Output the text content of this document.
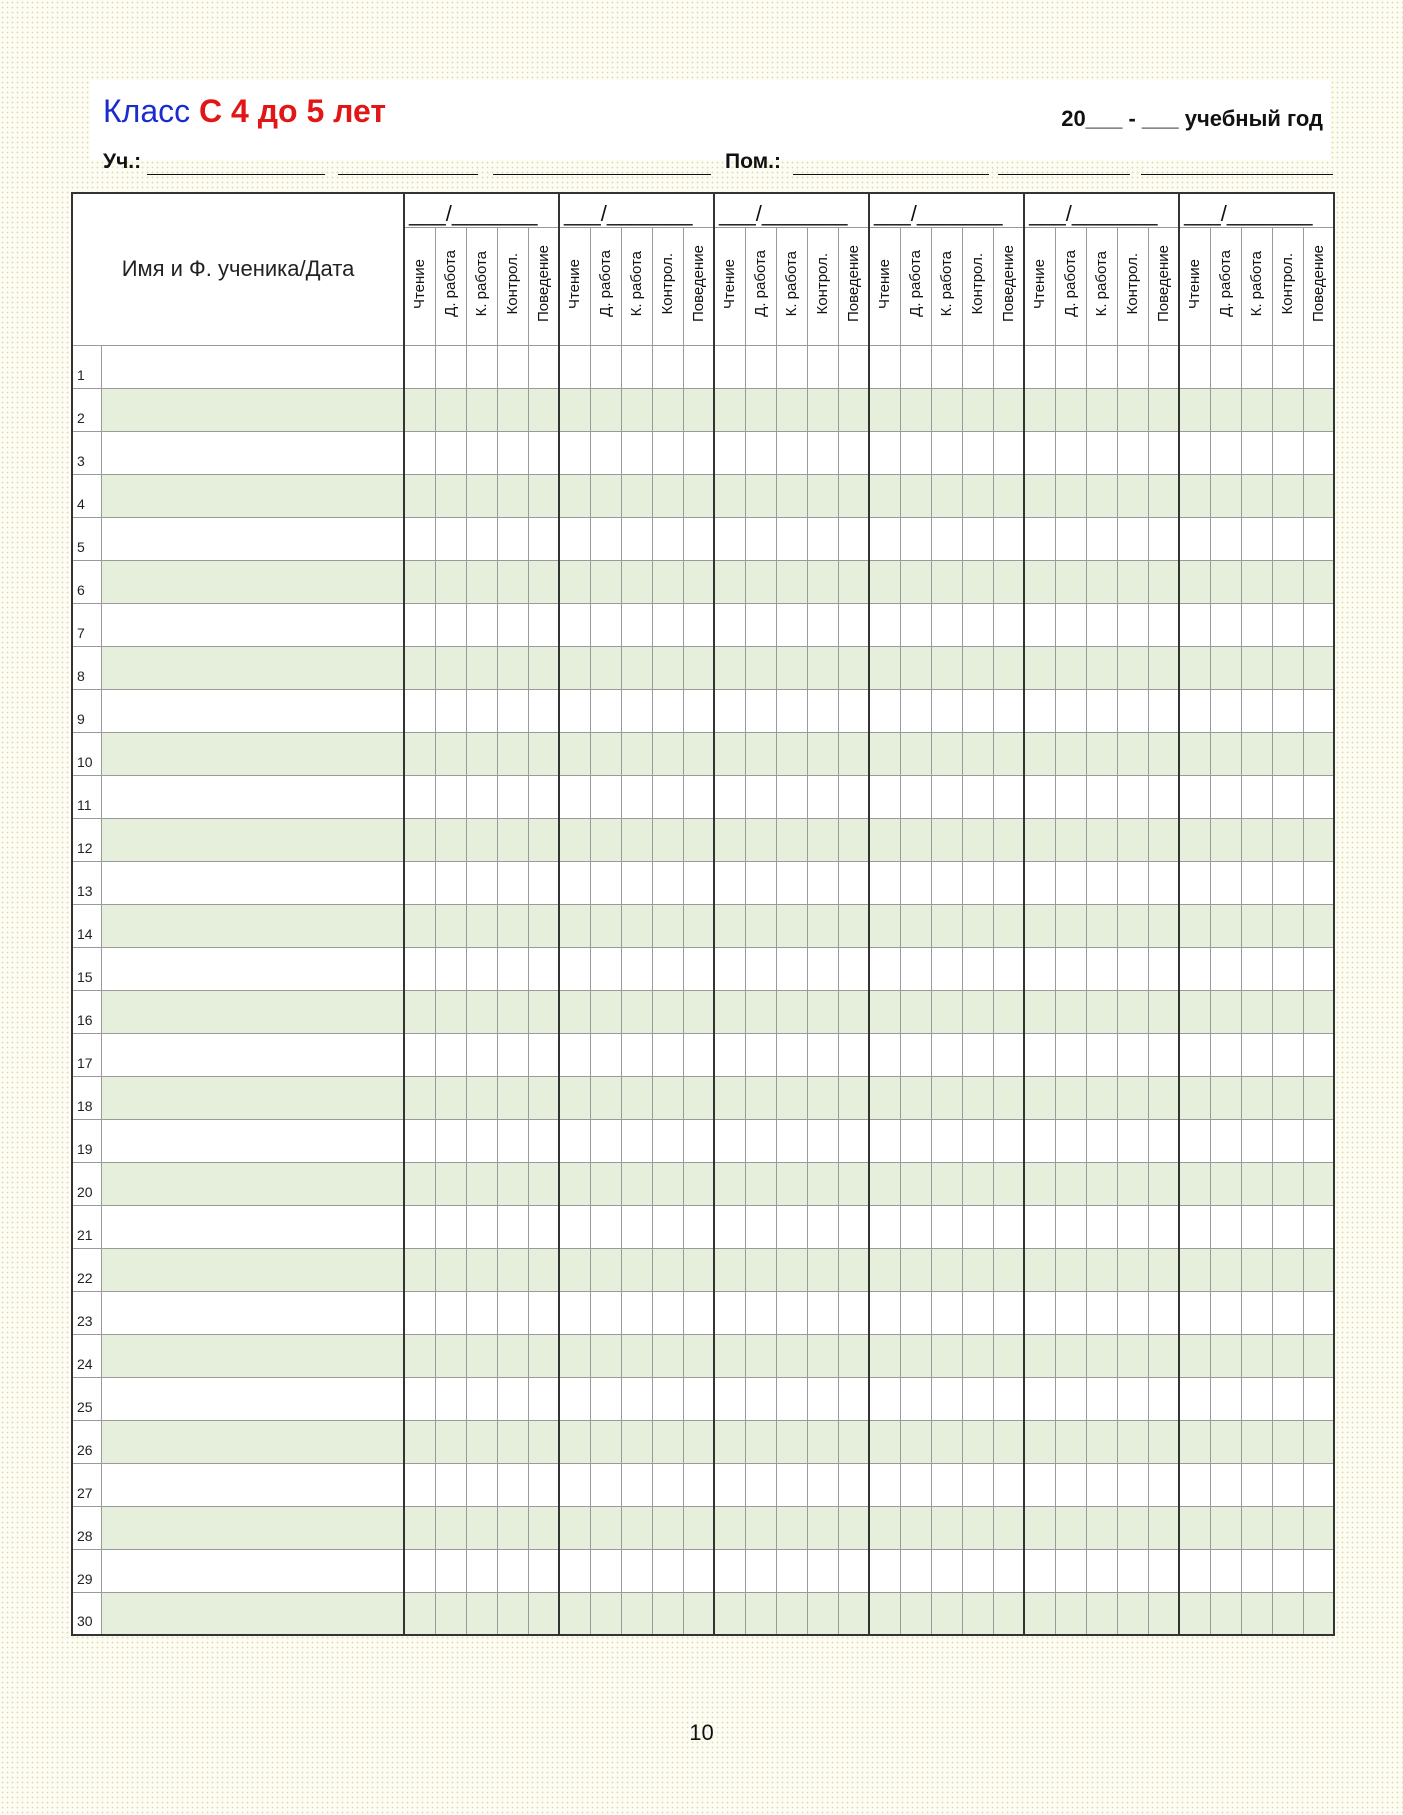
Класс С 4 до 5 лет	20___ - ___ учебный год
Уч.:	Пом.:
Имя и Ф. ученика/Дата		___/_______					___/_______					___/_______					___/_______					___/_______					___/_______				
		Чтение	Д. работа	К. работа	Контрол.	Поведение	Чтение	Д. работа	К. работа	Контрол.	Поведение	Чтение	Д. работа	К. работа	Контрол.	Поведение	Чтение	Д. работа	К. работа	Контрол.	Поведение	Чтение	Д. работа	К. работа	Контрол.	Поведение	Чтение	Д. работа	К. работа	Контрол.	Поведение
1																															
2																															
3																															
4																															
5																															
6																															
7																															
8																															
9																															
10																															
11																															
12																															
13																															
14																															
15																															
16																															
17																															
18																															
19																															
20																															
21																															
22																															
23																															
24																															
25																															
26																															
27																															
28																															
29																															
30																															
10
